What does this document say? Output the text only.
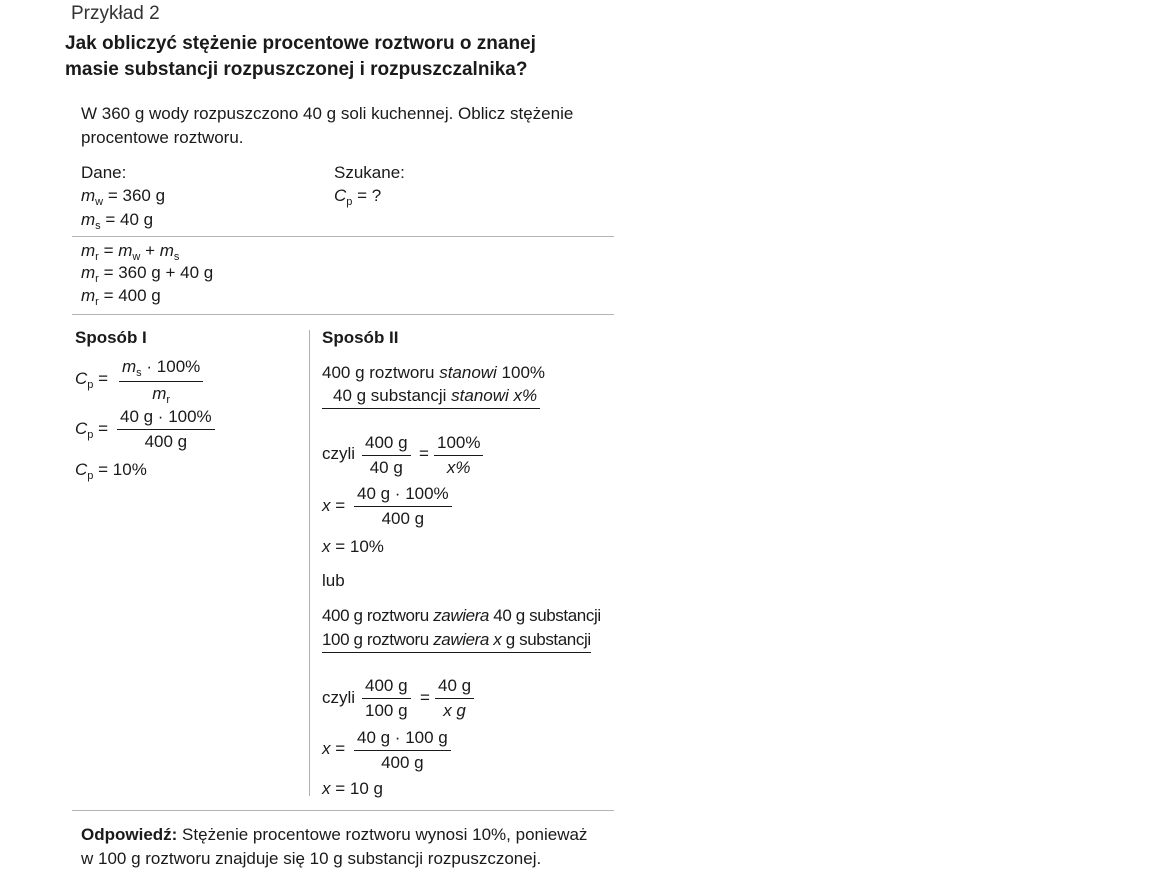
Przykład 2
Jak obliczyć stężenie procentowe roztworu o znanej
masie substancji rozpuszczonej i rozpuszczalnika?
W 360 g wody rozpuszczono 40 g soli kuchennej. Oblicz stężenie
procentowe roztworu.
Dane:
$m_w = 360$ g
$m_s = 40$ g
Szukane:
$C_p$ = ?
$m_r = m_w + m_s$
$m_r = 360$ g + 40 g
$m_r = 400$ g
Sposób I
$C_p = \frac{m_s \cdot 100\%}{m_r}$
$C_p = \frac{40 g \cdot 100\%}{400 g}$
$C_p = 10\%$
Sposób II
400 g roztworu stanowi 100%
40 g substancji stanowi x%
czyli $\frac{400 g}{40 g} = \frac{100\%}{x\%}$
$x = \frac{40 g \cdot 100\%}{400 g}$
x = 10%
lub
400 g roztworu zawiera 40 g substancji
100 g roztworu zawiera x g substancji
czyli $\frac{400 g}{100 g} = \frac{40 g}{\text{x g}}$
$x = \frac{40 g \cdot 100 g}{400 g}$
x = 10 g
Odpowiedź: Stężenie procentowe roztworu wynosi 10%, ponieważ
w 100 g roztworu znajduje się 10 g substancji rozpuszczonej.
